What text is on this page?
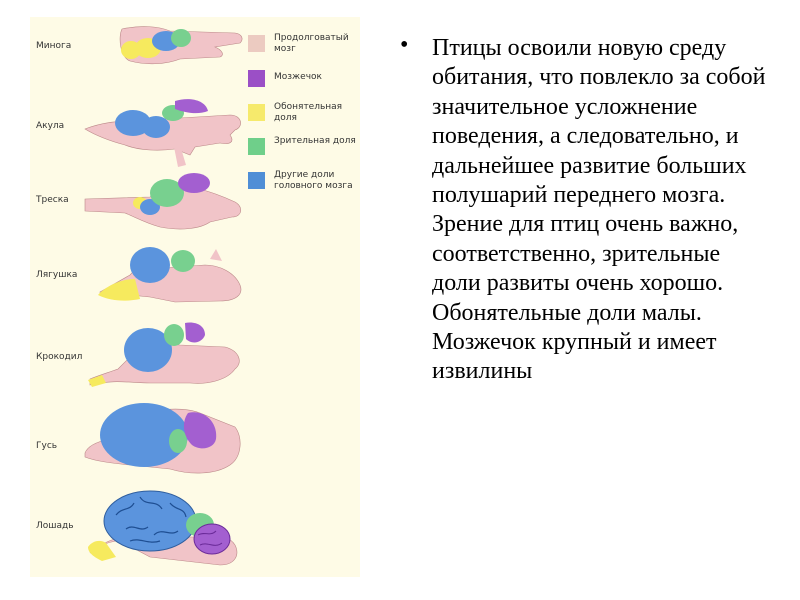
Минога
Акула
Треска
Лягушка
Крокодил
Гусь
Лошадь
Продолговатый мозг
Мозжечок
Обонятельная доля
Зрительная доля
Другие доли головного мозга
• Птицы освоили новую среду обитания, что повлекло за собой значительное усложнение поведения, а следовательно, и дальнейшее развитие больших полушарий переднего мозга. Зрение для птиц очень важно, соответственно, зрительные доли развиты очень хорошо. Обонятельные доли малы. Мозжечок крупный и имеет извилины
